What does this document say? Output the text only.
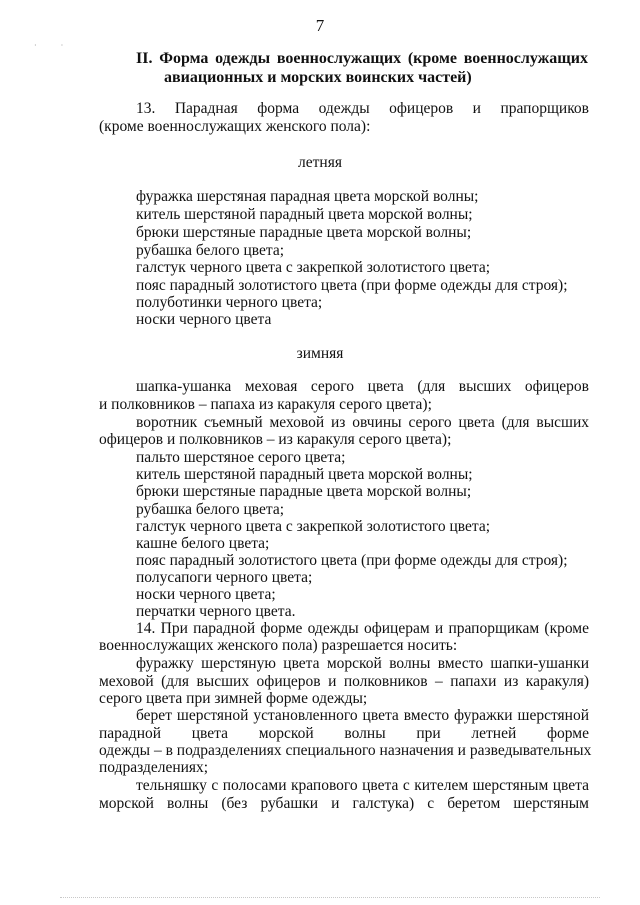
·            ·
7
II. Форма одежды военнослужащих (кроме военнослужащих
авиационных и морских воинских частей)
13. Парадная форма одежды офицеров и прапорщиков
(кроме военнослужащих женского пола):
летняя
фуражка шерстяная парадная цвета морской волны;
китель шерстяной парадный цвета морской волны;
брюки шерстяные парадные цвета морской волны;
рубашка белого цвета;
галстук черного цвета с закрепкой золотистого цвета;
пояс парадный золотистого цвета (при форме одежды для строя);
полуботинки черного цвета;
носки черного цвета
зимняя
шапка-ушанка меховая серого цвета (для высших офицеров
и полковников – папаха из каракуля серого цвета);
воротник съемный меховой из овчины серого цвета (для высших
офицеров и полковников – из каракуля серого цвета);
пальто шерстяное серого цвета;
китель шерстяной парадный цвета морской волны;
брюки шерстяные парадные цвета морской волны;
рубашка белого цвета;
галстук черного цвета с закрепкой золотистого цвета;
кашне белого цвета;
пояс парадный золотистого цвета (при форме одежды для строя);
полусапоги черного цвета;
носки черного цвета;
перчатки черного цвета.
14. При парадной форме одежды офицерам и прапорщикам (кроме
военнослужащих женского пола) разрешается носить:
фуражку шерстяную цвета морской волны вместо шапки-ушанки
меховой (для высших офицеров и полковников – папахи из каракуля)
серого цвета при зимней форме одежды;
берет шерстяной установленного цвета вместо фуражки шерстяной
парадной цвета морской волны при летней форме
одежды – в подразделениях специального назначения и разведывательных
подразделениях;
тельняшку с полосами крапового цвета с кителем шерстяным цвета
морской волны (без рубашки и галстука) с беретом шерстяным
